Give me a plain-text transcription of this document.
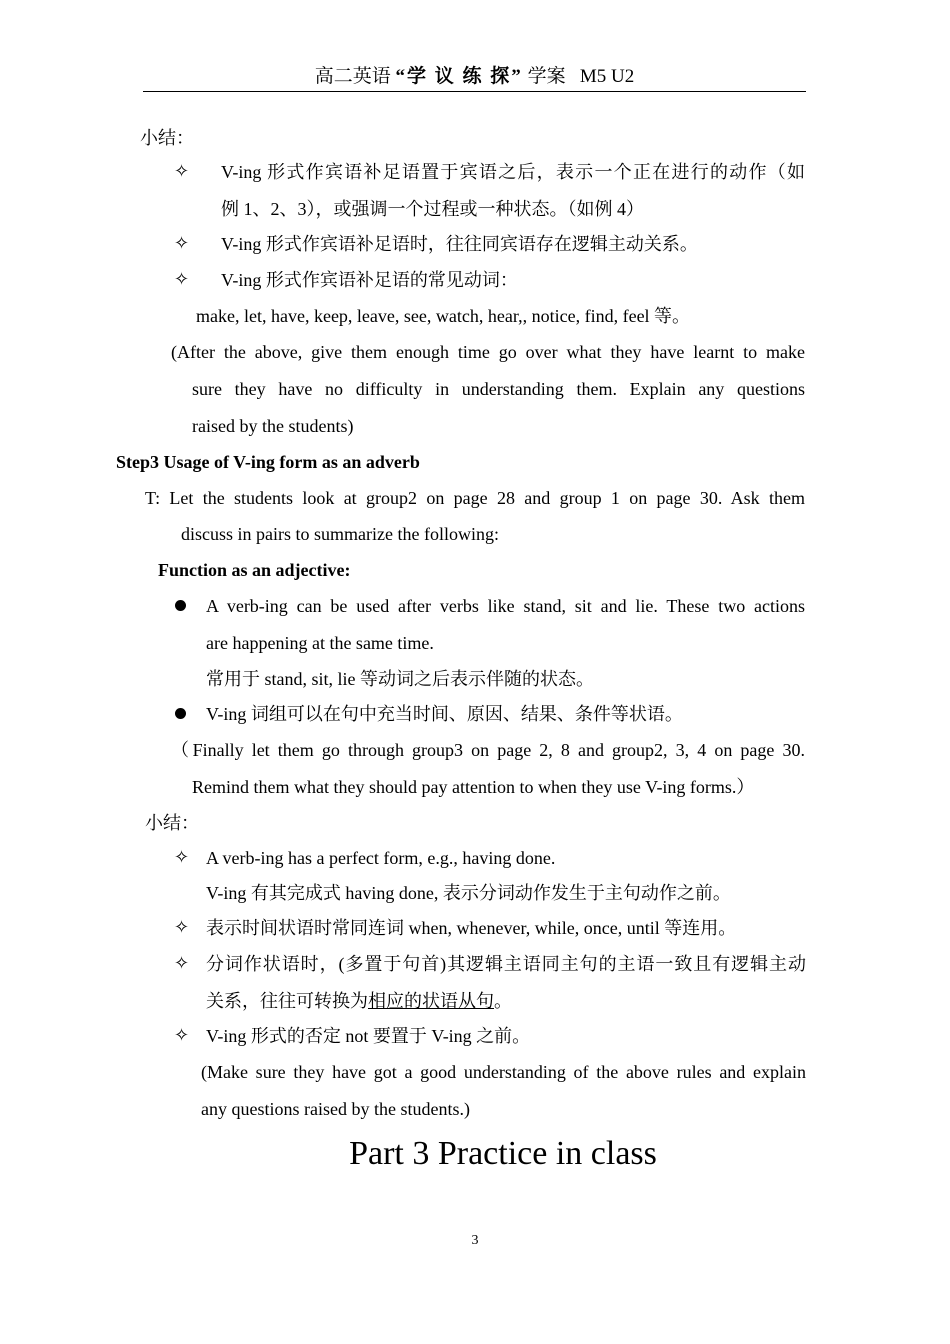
高二英语 “学 议 练 探” 学案 M5 U2
小结：
✧ V-ing 形式作宾语补足语置于宾语之后，表示一个正在进行的动作（如
例 1、2、3），或强调一个过程或一种状态。（如例 4）
✧ V-ing 形式作宾语补足语时，往往同宾语存在逻辑主动关系。
✧ V-ing 形式作宾语补足语的常见动词：
make, let, have, keep, leave, see, watch, hear,, notice, find, feel 等。
(After the above, give them enough time go over what they have learnt to make
sure they have no difficulty in understanding them. Explain any questions
raised by the students)
Step3 Usage of V-ing form as an adverb
T: Let the students look at group2 on page 28 and group 1 on page 30. Ask them
discuss in pairs to summarize the following:
Function as an adjective:
A verb-ing can be used after verbs like stand, sit and lie. These two actions
are happening at the same time.
常用于 stand, sit, lie 等动词之后表示伴随的状态。
V-ing 词组可以在句中充当时间、原因、结果、条件等状语。
（Finally let them go through group3 on page 2, 8 and group2, 3, 4 on page 30.
Remind them what they should pay attention to when they use V-ing forms.）
小结：
✧ A verb-ing has a perfect form, e.g., having done.
V-ing 有其完成式 having done, 表示分词动作发生于主句动作之前。
✧ 表示时间状语时常同连词 when, whenever, while, once, until 等连用。
✧ 分词作状语时，(多置于句首)其逻辑主语同主句的主语一致且有逻辑主动
关系，往往可转换为相应的状语从句。
✧ V-ing 形式的否定 not 要置于 V-ing 之前。
(Make sure they have got a good understanding of the above rules and explain
any questions raised by the students.)
Part 3 Practice in class
3
